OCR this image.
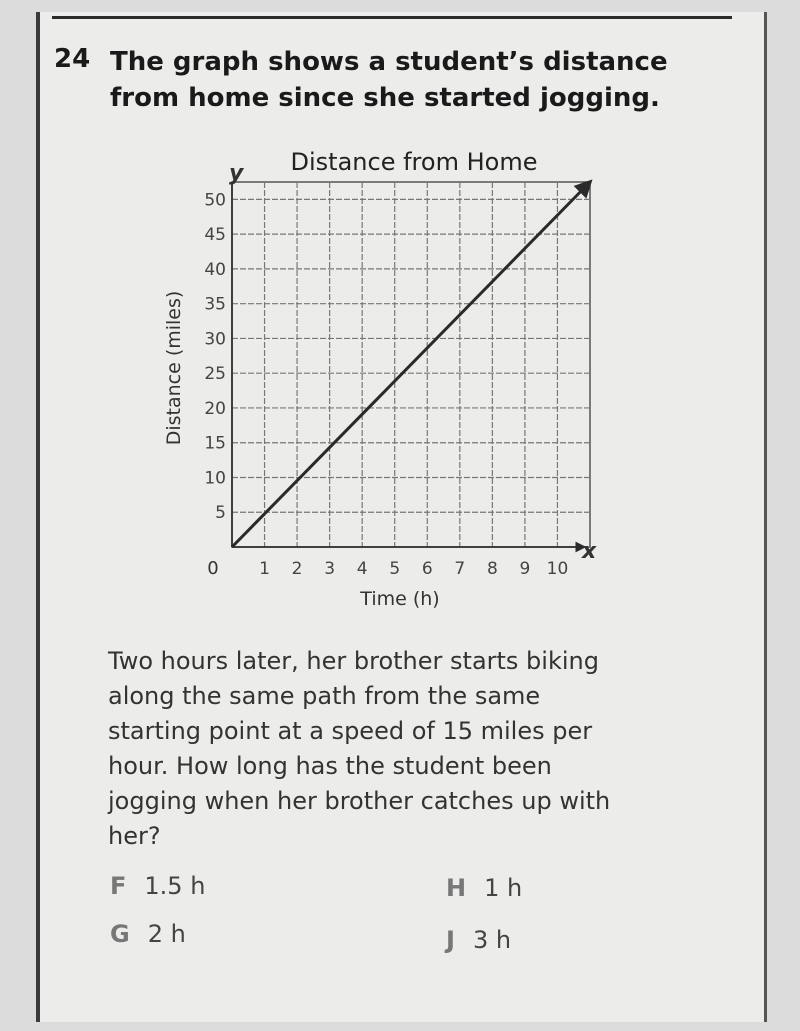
24 The graph shows a student’s distance
from home since she started jogging.
Distance from Home
1 2 3 4 5 6 7 8 9 10
5
10
15
20
25
30
35
40
45
50
y
x
0
Time (h)
Distance (miles)
Two hours later, her brother starts biking
along the same path from the same
starting point at a speed of 15 miles per
hour. How long has the student been
jogging when her brother catches up with
her?
F 1.5 h	H 1 h
G 2 h	J 3 h
